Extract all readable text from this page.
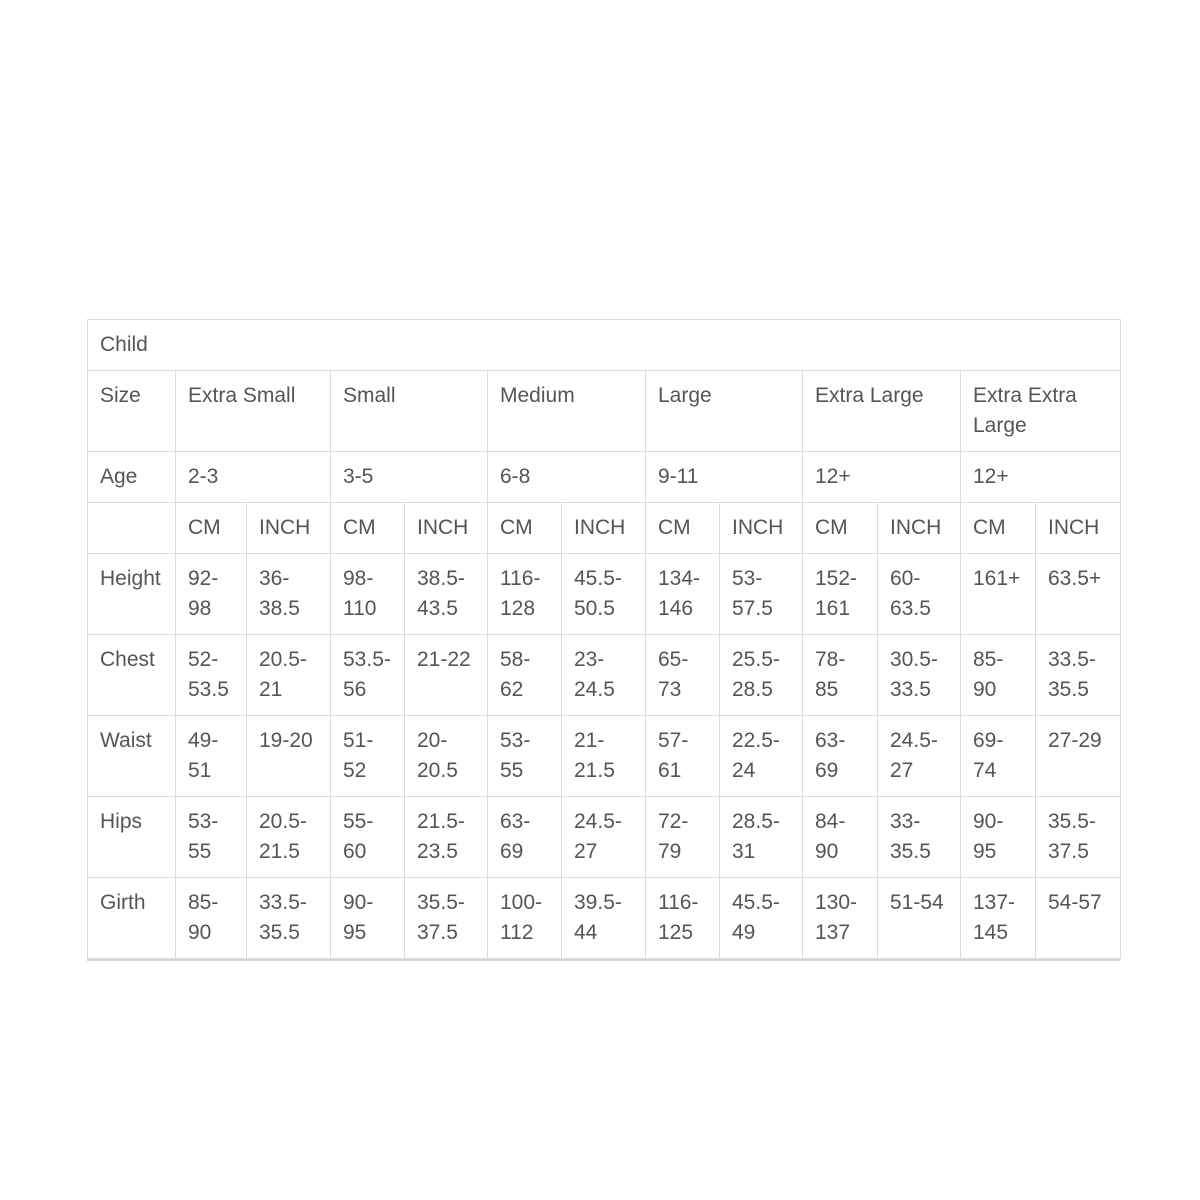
Child												
Size	Extra Small		Small		Medium		Large		Extra Large		Extra Extra Large	
Age	2-3		3-5		6-8		9-11		12+		12+	
	CM	INCH	CM	INCH	CM	INCH	CM	INCH	CM	INCH	CM	INCH
Height	92-98	36-38.5	98-110	38.5-43.5	116-128	45.5-50.5	134-146	53-57.5	152-161	60-63.5	161+	63.5+
Chest	52-53.5	20.5-21	53.5-56	21-22	58-62	23-24.5	65-73	25.5-28.5	78-85	30.5-33.5	85-90	33.5-35.5
Waist	49-51	19-20	51-52	20-20.5	53-55	21-21.5	57-61	22.5-24	63-69	24.5-27	69-74	27-29
Hips	53-55	20.5-21.5	55-60	21.5-23.5	63-69	24.5-27	72-79	28.5-31	84-90	33-35.5	90-95	35.5-37.5
Girth	85-90	33.5-35.5	90-95	35.5-37.5	100-112	39.5-44	116-125	45.5-49	130-137	51-54	137-145	54-57
